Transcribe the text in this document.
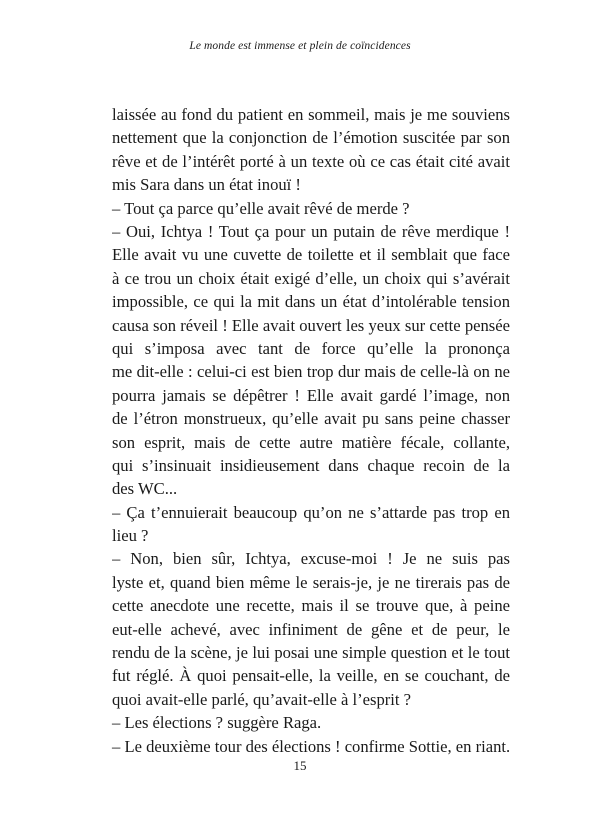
Le monde est immense et plein de coïncidences
laissée au fond du patient en sommeil, mais je me souviens
nettement que la conjonction de l’émotion suscitée par son
rêve et de l’intérêt porté à un texte où ce cas était cité avait
mis Sara dans un état inouï !
– Tout ça parce qu’elle avait rêvé de merde ?
– Oui, Ichtya ! Tout ça pour un putain de rêve merdique !
Elle avait vu une cuvette de toilette et il semblait que face
à ce trou un choix était exigé d’elle, un choix qui s’avérait
impossible, ce qui la mit dans un état d’intolérable tension
causa son réveil ! Elle avait ouvert les yeux sur cette pensée
qui s’imposa avec tant de force qu’elle la prononça
me dit-elle : celui-ci est bien trop dur mais de celle-là on ne
pourra jamais se dépêtrer ! Elle avait gardé l’image, non
de l’étron monstrueux, qu’elle avait pu sans peine chasser
son esprit, mais de cette autre matière fécale, collante,
qui s’insinuait insidieusement dans chaque recoin de la
des WC...
– Ça t’ennuierait beaucoup qu’on ne s’attarde pas trop en
lieu ?
– Non, bien sûr, Ichtya, excuse-moi ! Je ne suis pas
lyste et, quand bien même le serais-je, je ne tirerais pas de
cette anecdote une recette, mais il se trouve que, à peine
eut-elle achevé, avec infiniment de gêne et de peur, le
rendu de la scène, je lui posai une simple question et le tout
fut réglé. À quoi pensait-elle, la veille, en se couchant, de
quoi avait-elle parlé, qu’avait-elle à l’esprit ?
– Les élections ? suggère Raga.
– Le deuxième tour des élections ! confirme Sottie, en riant.
15
